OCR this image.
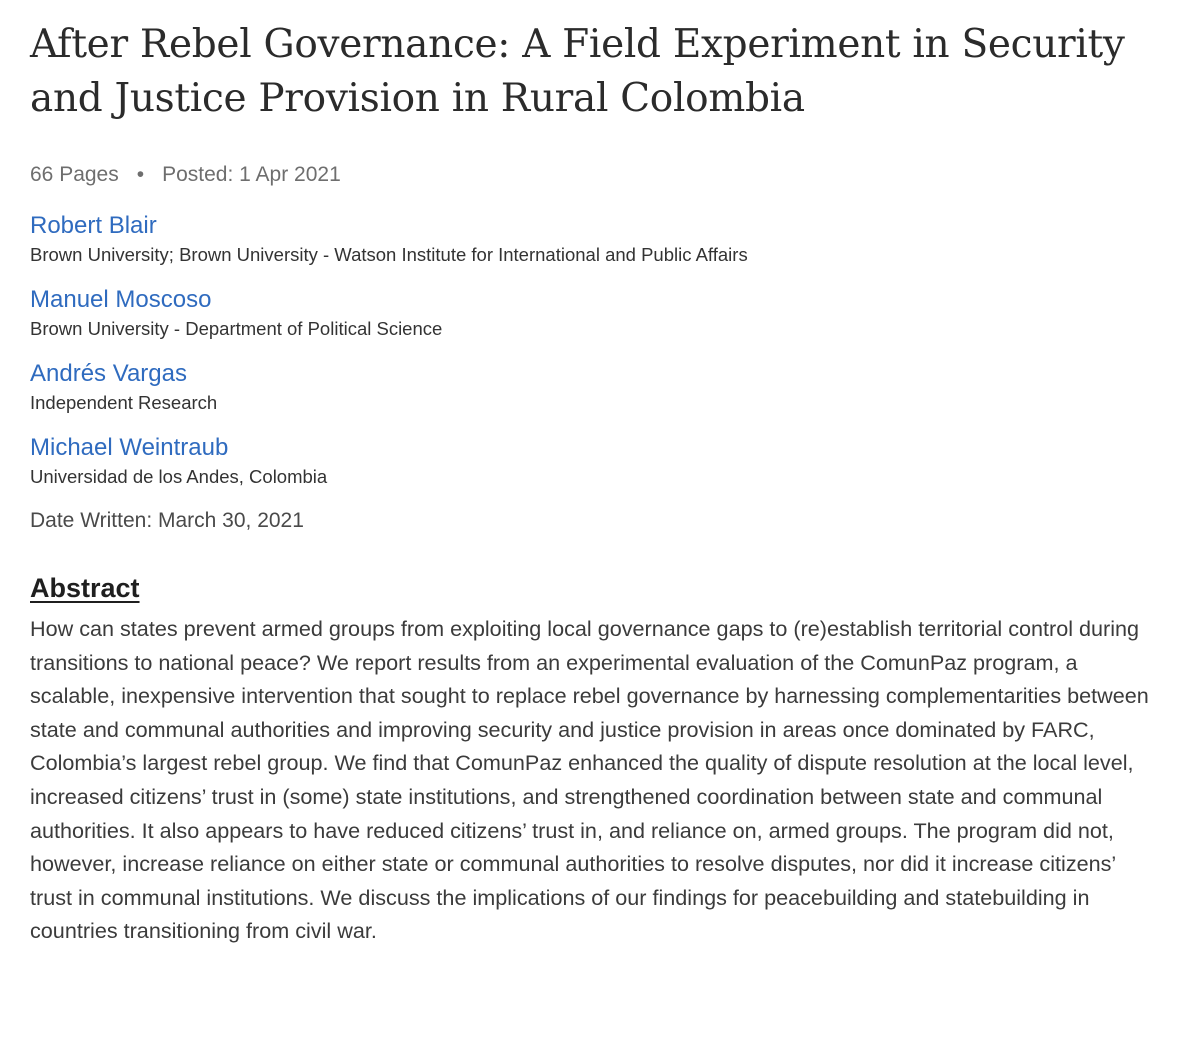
After Rebel Governance: A Field Experiment in Security and Justice Provision in Rural Colombia
66 Pages • Posted: 1 Apr 2021
Robert Blair
Brown University; Brown University - Watson Institute for International and Public Affairs
Manuel Moscoso
Brown University - Department of Political Science
Andrés Vargas
Independent Research
Michael Weintraub
Universidad de los Andes, Colombia
Date Written: March 30, 2021
Abstract

How can states prevent armed groups from exploiting local governance gaps to (re)establish territorial control during transitions to national peace? We report results from an experimental evaluation of the ComunPaz program, a scalable, inexpensive intervention that sought to replace rebel governance by harnessing complementarities between state and communal authorities and improving security and justice provision in areas once dominated by FARC, Colombia’s largest rebel group. We find that ComunPaz enhanced the quality of dispute resolution at the local level, increased citizens’ trust in (some) state institutions, and strengthened coordination between state and communal authorities. It also appears to have reduced citizens’ trust in, and reliance on, armed groups. The program did not, however, increase reliance on either state or communal authorities to resolve disputes, nor did it increase citizens’ trust in communal institutions. We discuss the implications of our findings for peacebuilding and statebuilding in countries transitioning from civil war.
